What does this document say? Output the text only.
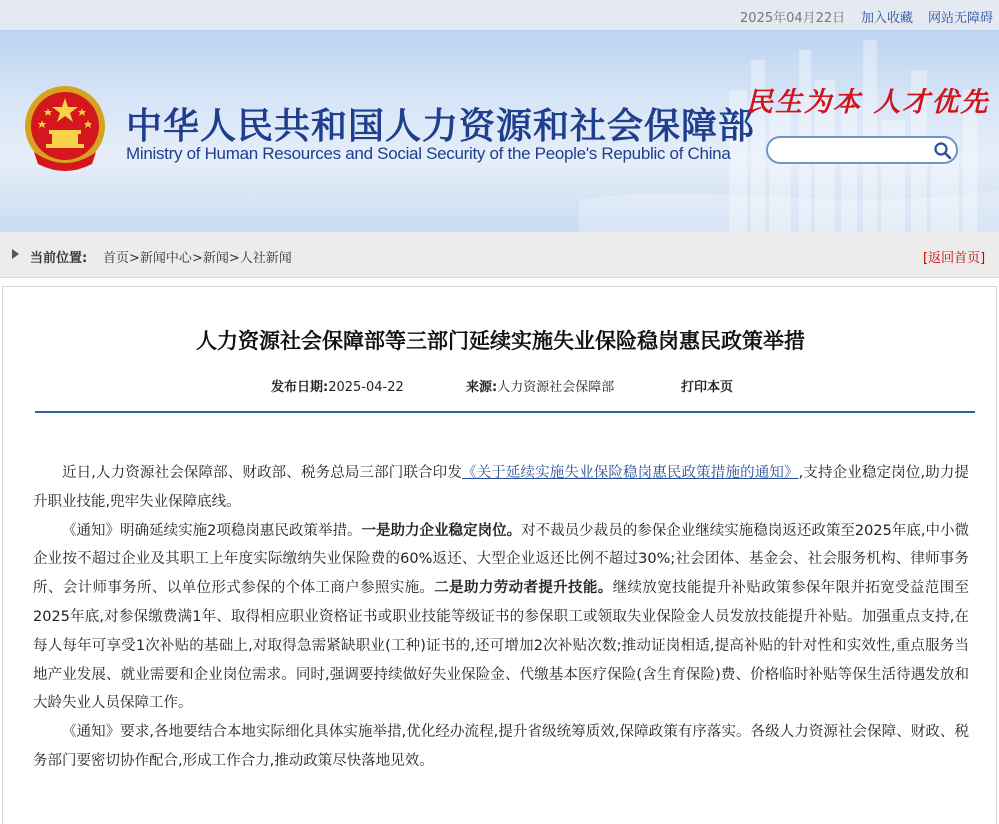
2025年04月22日 加入收藏 网站无障碍
中华人民共和国人力资源和社会保障部
Ministry of Human Resources and Social Security of the People's Republic of China
民生为本 人才优先
当前位置: 首页>新闻中心>新闻>人社新闻	[返回首页]
人力资源社会保障部等三部门延续实施失业保险稳岗惠民政策举措
发布日期:2025-04-22	来源:人力资源社会保障部	打印本页

近日,人力资源社会保障部、财政部、税务总局三部门联合印发《关于延续实施失业保险稳岗惠民政策措施的通知》,支持企业稳定岗位,助力提升职业技能,兜牢失业保障底线。

《通知》明确延续实施2项稳岗惠民政策举措。一是助力企业稳定岗位。对不裁员少裁员的参保企业继续实施稳岗返还政策至2025年底,中小微企业按不超过企业及其职工上年度实际缴纳失业保险费的60%返还、大型企业返还比例不超过30%;社会团体、基金会、社会服务机构、律师事务所、会计师事务所、以单位形式参保的个体工商户参照实施。二是助力劳动者提升技能。继续放宽技能提升补贴政策参保年限并拓宽受益范围至2025年底,对参保缴费满1年、取得相应职业资格证书或职业技能等级证书的参保职工或领取失业保险金人员发放技能提升补贴。加强重点支持,在每人每年可享受1次补贴的基础上,对取得急需紧缺职业(工种)证书的,还可增加2次补贴次数;推动证岗相适,提高补贴的针对性和实效性,重点服务当地产业发展、就业需要和企业岗位需求。同时,强调要持续做好失业保险金、代缴基本医疗保险(含生育保险)费、价格临时补贴等保生活待遇发放和大龄失业人员保障工作。

《通知》要求,各地要结合本地实际细化具体实施举措,优化经办流程,提升省级统筹质效,保障政策有序落实。各级人力资源社会保障、财政、税务部门要密切协作配合,形成工作合力,推动政策尽快落地见效。
